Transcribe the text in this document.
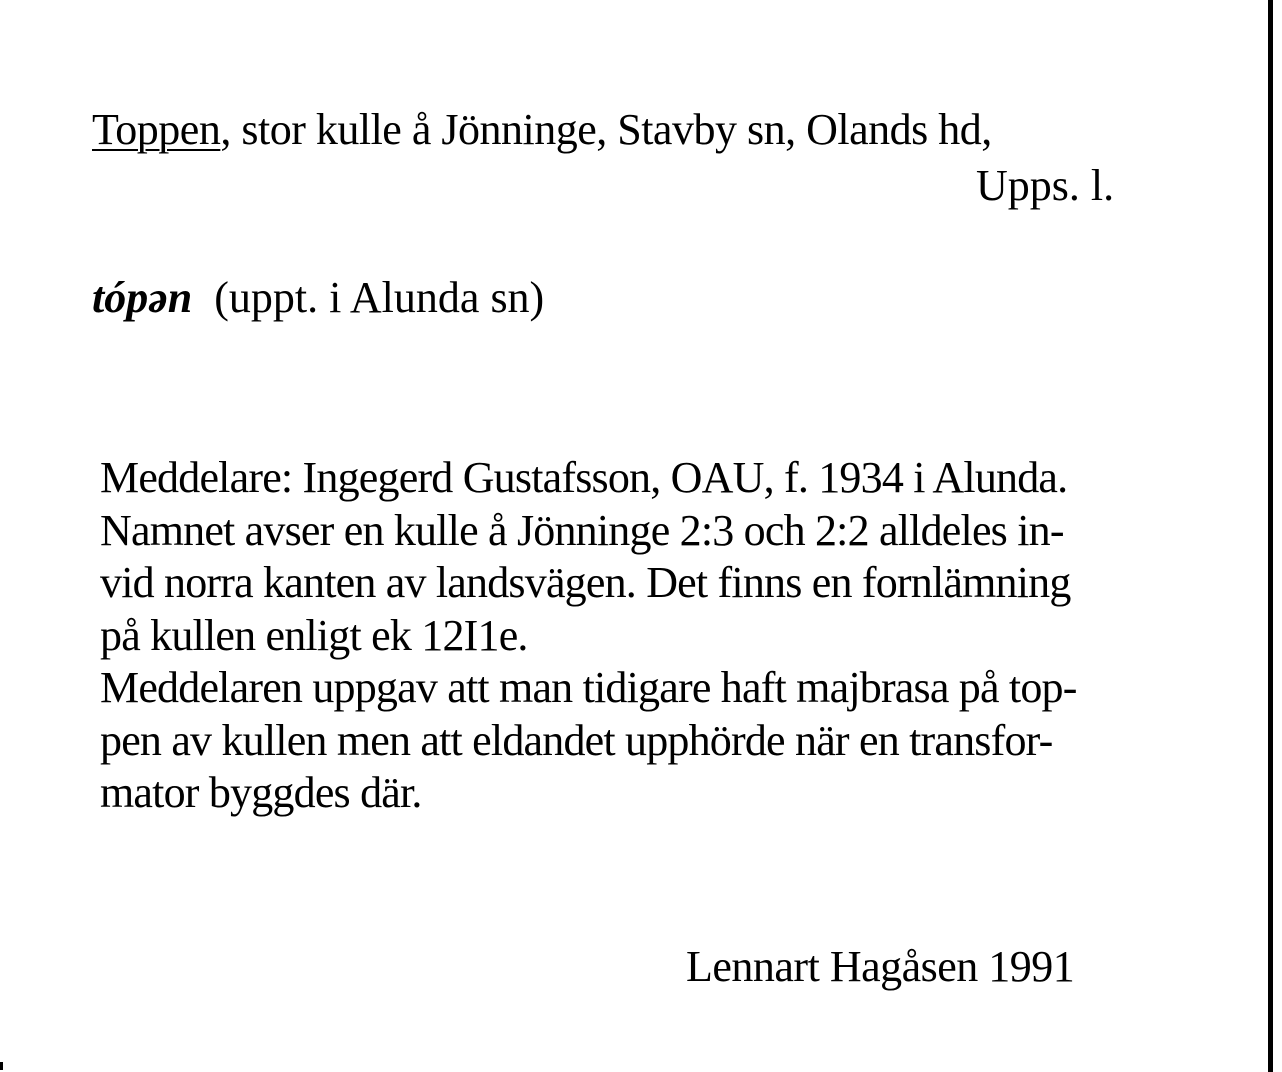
Toppen, stor kulle å Jönninge, Stavby sn, Olands hd,
Upps. l.
tópən (uppt. i Alunda sn)
Meddelare: Ingegerd Gustafsson, OAU, f. 1934 i Alunda.
Namnet avser en kulle å Jönninge 2:3 och 2:2 alldeles in-
vid norra kanten av landsvägen. Det finns en fornlämning
på kullen enligt ek 12I1e.
Meddelaren uppgav att man tidigare haft majbrasa på top-
pen av kullen men att eldandet upphörde när en transfor-
mator byggdes där.
Lennart Hagåsen 1991
